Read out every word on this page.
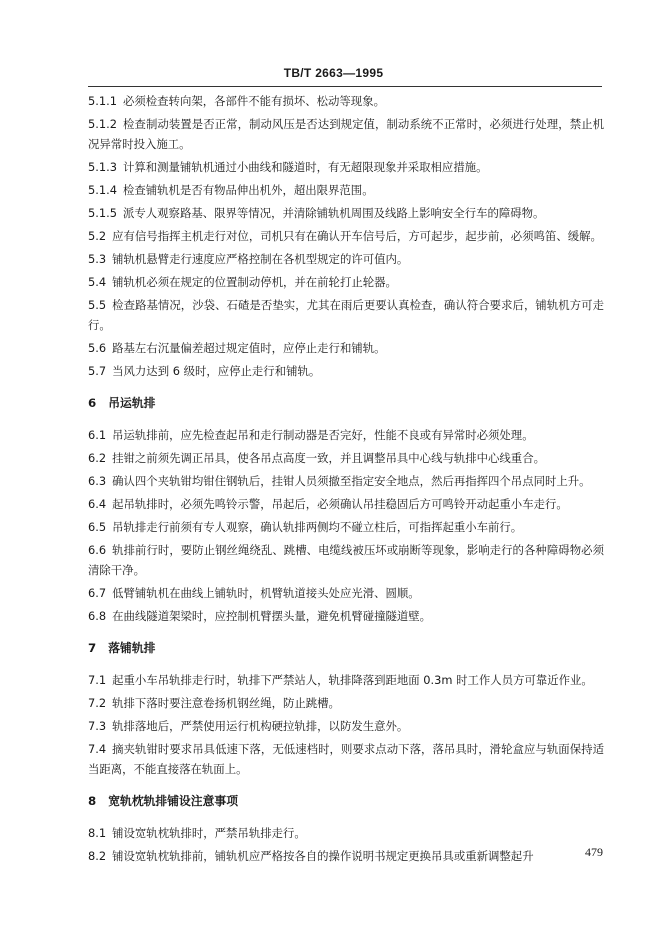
TB/T 2663—1995
5.1.1 必须检查转向架，各部件不能有损坏、松动等现象。
5.1.2 检查制动装置是否正常，制动风压是否达到规定值，制动系统不正常时，必须进行处理，禁止机况异常时投入施工。
5.1.3 计算和测量铺轨机通过小曲线和隧道时，有无超限现象并采取相应措施。
5.1.4 检查铺轨机是否有物品伸出机外，超出限界范围。
5.1.5 派专人观察路基、限界等情况，并清除铺轨机周围及线路上影响安全行车的障碍物。
5.2 应有信号指挥主机走行对位，司机只有在确认开车信号后，方可起步，起步前，必须鸣笛、缓解。
5.3 铺轨机悬臂走行速度应严格控制在各机型规定的许可值内。
5.4 铺轨机必须在规定的位置制动停机，并在前轮打止轮器。
5.5 检查路基情况，沙袋、石碴是否垫实，尤其在雨后更要认真检查，确认符合要求后，铺轨机方可走行。
5.6 路基左右沉量偏差超过规定值时，应停止走行和铺轨。
5.7 当风力达到 6 级时，应停止走行和铺轨。
6 吊运轨排
6.1 吊运轨排前，应先检查起吊和走行制动器是否完好，性能不良或有异常时必须处理。
6.2 挂钳之前须先调正吊具，使各吊点高度一致，并且调整吊具中心线与轨排中心线重合。
6.3 确认四个夹轨钳均钳住钢轨后，挂钳人员须撤至指定安全地点，然后再指挥四个吊点同时上升。
6.4 起吊轨排时，必须先鸣铃示警，吊起后，必须确认吊挂稳固后方可鸣铃开动起重小车走行。
6.5 吊轨排走行前须有专人观察，确认轨排两侧均不碰立柱后，可指挥起重小车前行。
6.6 轨排前行时，要防止钢丝绳绕乱、跳槽、电缆线被压坏或崩断等现象，影响走行的各种障碍物必须清除干净。
6.7 低臂铺轨机在曲线上铺轨时，机臂轨道接头处应光滑、圆顺。
6.8 在曲线隧道架梁时，应控制机臂摆头量，避免机臂碰撞隧道壁。
7 落铺轨排
7.1 起重小车吊轨排走行时，轨排下严禁站人，轨排降落到距地面 0.3m 时工作人员方可靠近作业。
7.2 轨排下落时要注意卷扬机钢丝绳，防止跳槽。
7.3 轨排落地后，严禁使用运行机构硬拉轨排，以防发生意外。
7.4 摘夹轨钳时要求吊具低速下落，无低速档时，则要求点动下落，落吊具时，滑轮盒应与轨面保持适当距离，不能直接落在轨面上。
8 宽轨枕轨排铺设注意事项
8.1 铺设宽轨枕轨排时，严禁吊轨排走行。
8.2 铺设宽轨枕轨排前，铺轨机应严格按各自的操作说明书规定更换吊具或重新调整起升	479
